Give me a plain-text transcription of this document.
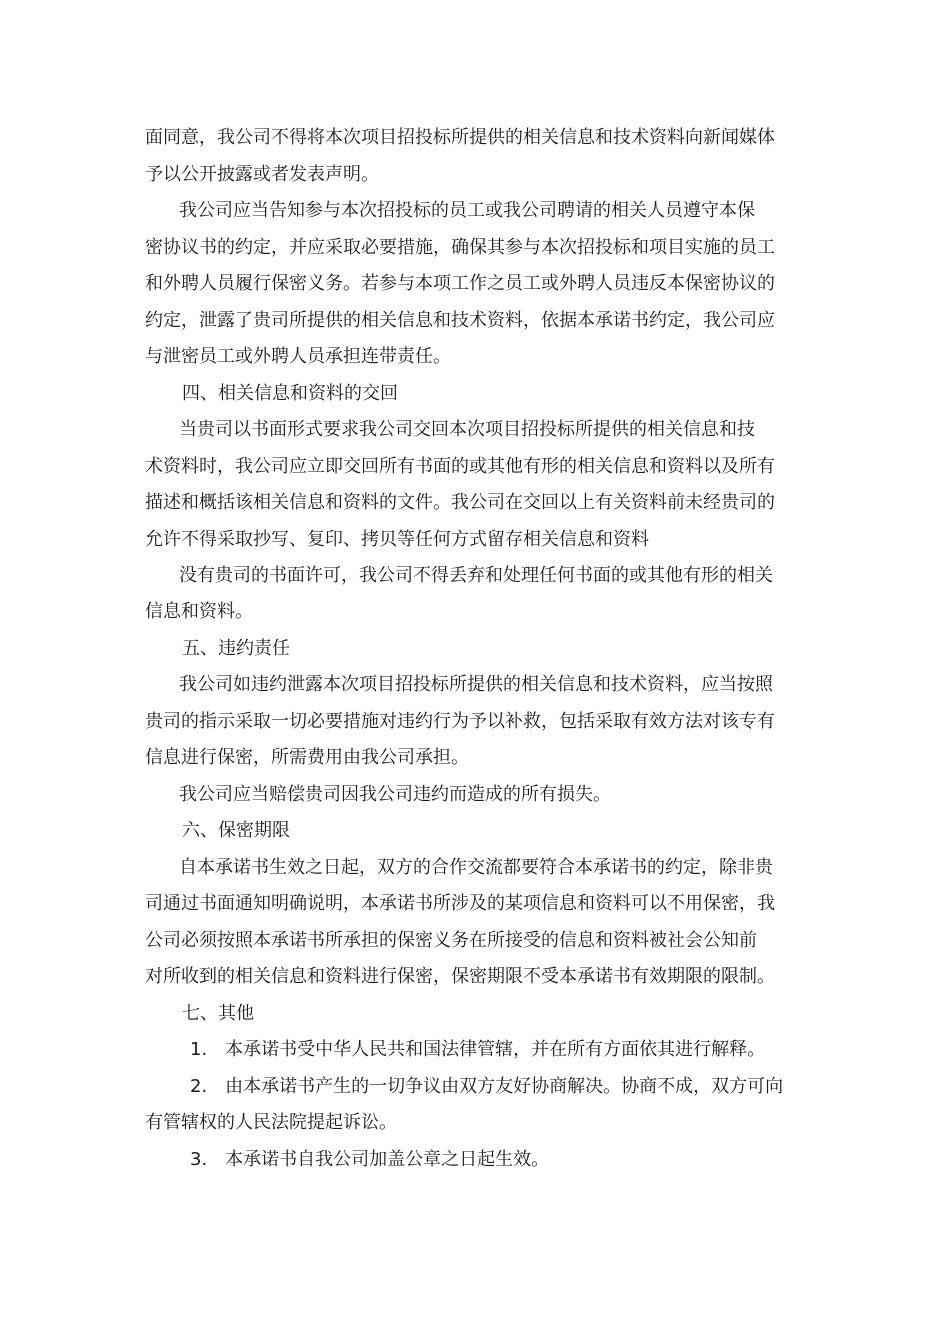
面同意，我公司不得将本次项目招投标所提供的相关信息和技术资料向新闻媒体
予以公开披露或者发表声明。
我公司应当告知参与本次招投标的员工或我公司聘请的相关人员遵守本保
密协议书的约定，并应采取必要措施，确保其参与本次招投标和项目实施的员工
和外聘人员履行保密义务。若参与本项工作之员工或外聘人员违反本保密协议的
约定，泄露了贵司所提供的相关信息和技术资料，依据本承诺书约定，我公司应
与泄密员工或外聘人员承担连带责任。
四、相关信息和资料的交回
当贵司以书面形式要求我公司交回本次项目招投标所提供的相关信息和技
术资料时，我公司应立即交回所有书面的或其他有形的相关信息和资料以及所有
描述和概括该相关信息和资料的文件。我公司在交回以上有关资料前未经贵司的
允许不得采取抄写、复印、拷贝等任何方式留存相关信息和资料
没有贵司的书面许可，我公司不得丢弃和处理任何书面的或其他有形的相关
信息和资料。
五、违约责任
我公司如违约泄露本次项目招投标所提供的相关信息和技术资料，应当按照
贵司的指示采取一切必要措施对违约行为予以补救，包括采取有效方法对该专有
信息进行保密，所需费用由我公司承担。
我公司应当赔偿贵司因我公司违约而造成的所有损失。
六、保密期限
自本承诺书生效之日起，双方的合作交流都要符合本承诺书的约定，除非贵
司通过书面通知明确说明，本承诺书所涉及的某项信息和资料可以不用保密，我
公司必须按照本承诺书所承担的保密义务在所接受的信息和资料被社会公知前
对所收到的相关信息和资料进行保密，保密期限不受本承诺书有效期限的限制。
七、其他
1.　本承诺书受中华人民共和国法律管辖，并在所有方面依其进行解释。
2.　由本承诺书产生的一切争议由双方友好协商解决。协商不成，双方可向
有管辖权的人民法院提起诉讼。
3.　本承诺书自我公司加盖公章之日起生效。
